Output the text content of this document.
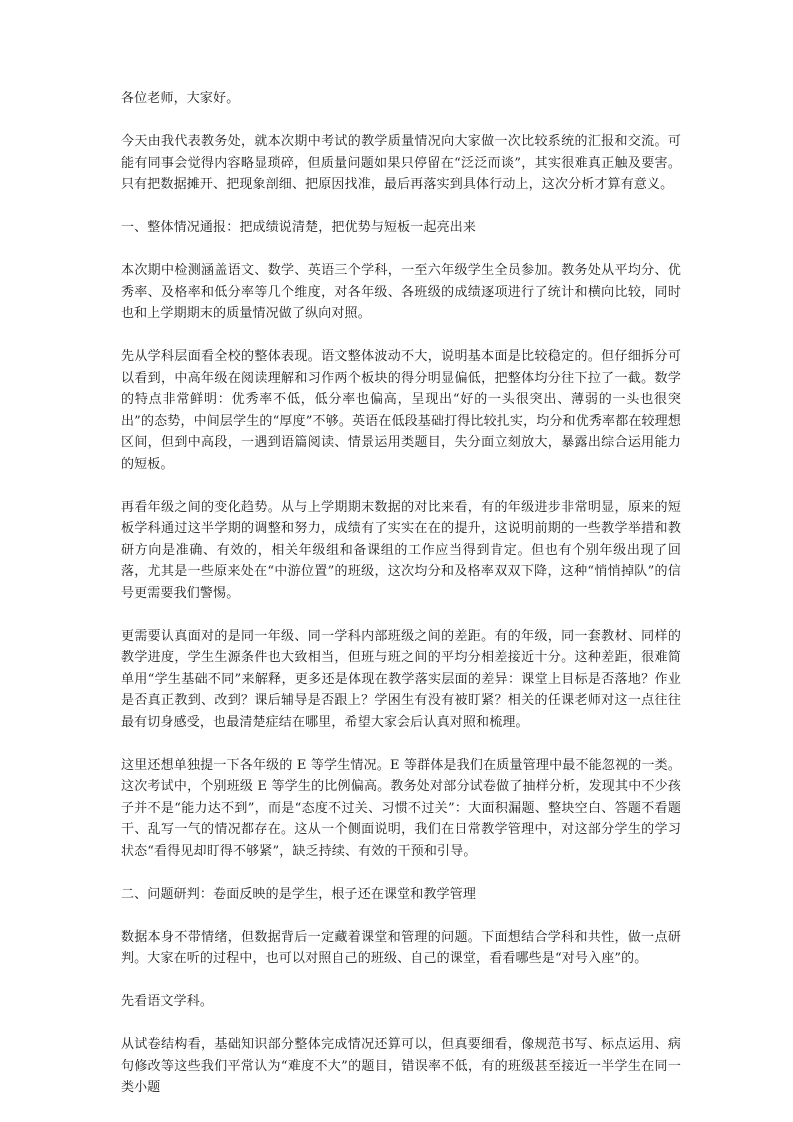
各位老师，大家好。

今天由我代表教务处，就本次期中考试的教学质量情况向大家做一次比较系统的汇报和交流。可能有同事会觉得内容略显琐碎，但质量问题如果只停留在“泛泛而谈”，其实很难真正触及要害。只有把数据摊开、把现象剖细、把原因找准，最后再落实到具体行动上，这次分析才算有意义。

一、整体情况通报：把成绩说清楚，把优势与短板一起亮出来

本次期中检测涵盖语文、数学、英语三个学科，一至六年级学生全员参加。教务处从平均分、优秀率、及格率和低分率等几个维度，对各年级、各班级的成绩逐项进行了统计和横向比较，同时也和上学期期末的质量情况做了纵向对照。

先从学科层面看全校的整体表现。语文整体波动不大，说明基本面是比较稳定的。但仔细拆分可以看到，中高年级在阅读理解和习作两个板块的得分明显偏低，把整体均分往下拉了一截。数学的特点非常鲜明：优秀率不低，低分率也偏高，呈现出“好的一头很突出、薄弱的一头也很突出”的态势，中间层学生的“厚度”不够。英语在低段基础打得比较扎实，均分和优秀率都在较理想区间，但到中高段，一遇到语篇阅读、情景运用类题目，失分面立刻放大，暴露出综合运用能力的短板。

再看年级之间的变化趋势。从与上学期期末数据的对比来看，有的年级进步非常明显，原来的短板学科通过这半学期的调整和努力，成绩有了实实在在的提升，这说明前期的一些教学举措和教研方向是准确、有效的，相关年级组和备课组的工作应当得到肯定。但也有个别年级出现了回落，尤其是一些原来处在“中游位置”的班级，这次均分和及格率双双下降，这种“悄悄掉队”的信号更需要我们警惕。

更需要认真面对的是同一年级、同一学科内部班级之间的差距。有的年级，同一套教材、同样的教学进度，学生生源条件也大致相当，但班与班之间的平均分相差接近十分。这种差距，很难简单用“学生基础不同”来解释，更多还是体现在教学落实层面的差异：课堂上目标是否落地？作业是否真正教到、改到？课后辅导是否跟上？学困生有没有被盯紧？相关的任课老师对这一点往往最有切身感受，也最清楚症结在哪里，希望大家会后认真对照和梳理。

这里还想单独提一下各年级的 E 等学生情况。E 等群体是我们在质量管理中最不能忽视的一类。这次考试中，个别班级 E 等学生的比例偏高。教务处对部分试卷做了抽样分析，发现其中不少孩子并不是“能力达不到”，而是“态度不过关、习惯不过关”：大面积漏题、整块空白、答题不看题干、乱写一气的情况都存在。这从一个侧面说明，我们在日常教学管理中，对这部分学生的学习状态“看得见却盯得不够紧”，缺乏持续、有效的干预和引导。

二、问题研判：卷面反映的是学生，根子还在课堂和教学管理

数据本身不带情绪，但数据背后一定藏着课堂和管理的问题。下面想结合学科和共性，做一点研判。大家在听的过程中，也可以对照自己的班级、自己的课堂，看看哪些是“对号入座”的。

先看语文学科。

从试卷结构看，基础知识部分整体完成情况还算可以，但真要细看，像规范书写、标点运用、病句修改等这些我们平常认为“难度不大”的题目，错误率不低，有的班级甚至接近一半学生在同一类小题
